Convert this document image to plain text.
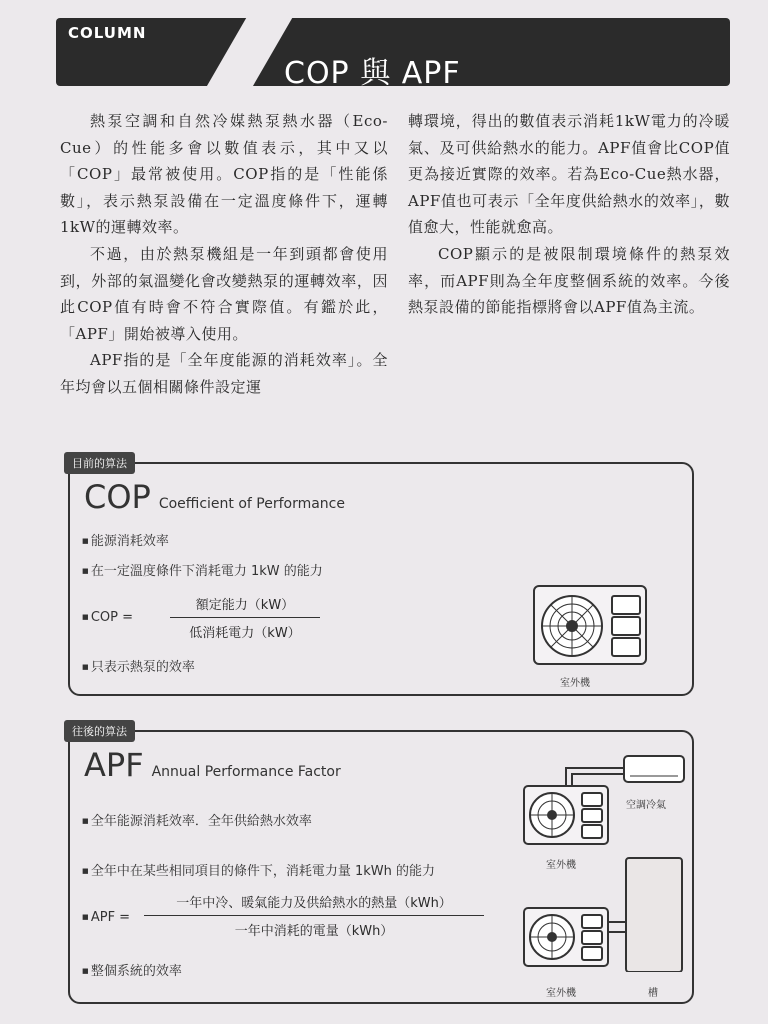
COLUMN
COP 與 APF

熱泵空調和自然冷媒熱泵熱水器（Eco-Cue）的性能多會以數值表示，其中又以「COP」最常被使用。COP指的是「性能係數」，表示熱泵設備在一定溫度條件下，運轉1kW的運轉效率。

不過，由於熱泵機組是一年到頭都會使用到，外部的氣溫變化會改變熱泵的運轉效率，因此COP值有時會不符合實際值。有鑑於此，「APF」開始被導入使用。

APF指的是「全年度能源的消耗效率」。全年均會以五個相關條件設定運

轉環境，得出的數值表示消耗1kW電力的冷暖氣、及可供給熱水的能力。APF值會比COP值更為接近實際的效率。若為Eco-Cue熱水器，APF值也可表示「全年度供給熱水的效率」，數值愈大，性能就愈高。

COP顯示的是被限制環境條件的熱泵效率，而APF則為全年度整個系統的效率。今後熱泵設備的節能指標將會以APF值為主流。

目前的算法
COP Coefficient of Performance
■ 能源消耗效率
■ 在一定溫度條件下消耗電力 1kW 的能力
■ COP =
額定能力（kW）
低消耗電力（kW）
■ 只表示熱泵的效率
室外機
往後的算法
APF Annual Performance Factor
■ 全年能源消耗效率．全年供給熱水效率
■ 全年中在某些相同項目的條件下，消耗電力量 1kWh 的能力
■ APF =
一年中冷、暖氣能力及供給熱水的熱量（kWh）
一年中消耗的電量（kWh）
■ 整個系統的效率
空調冷氣
室外機
室外機	槽
